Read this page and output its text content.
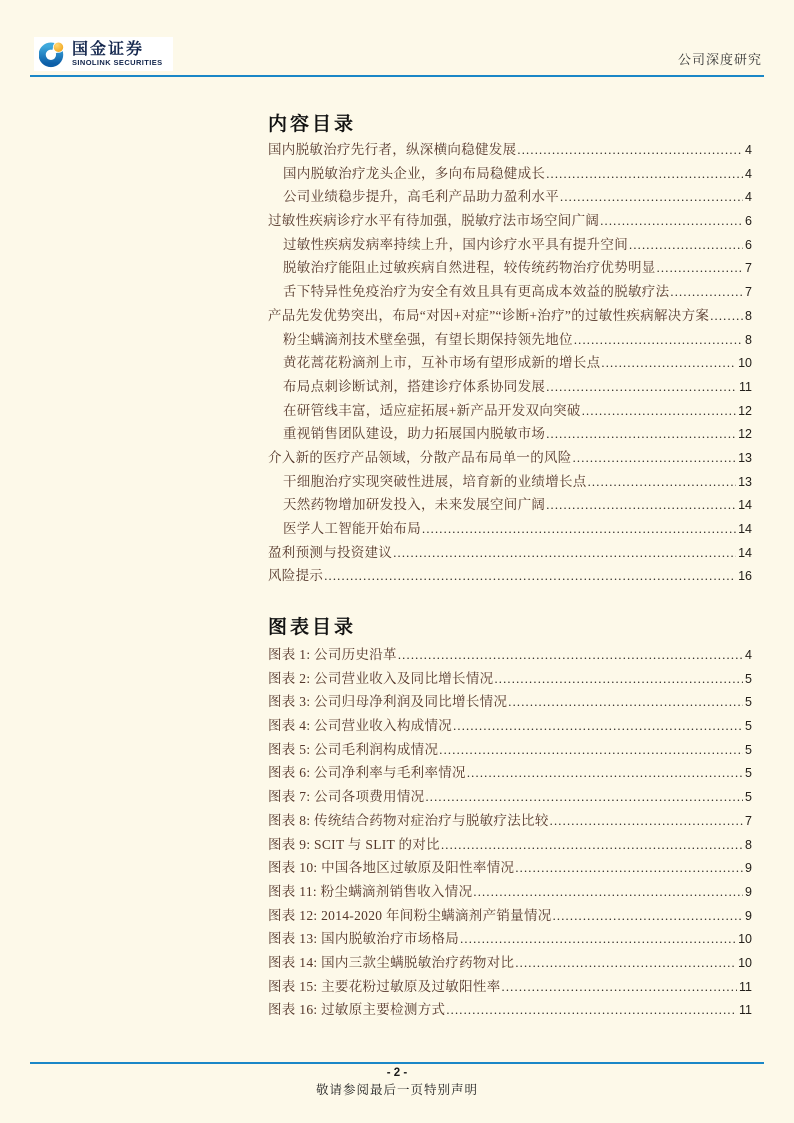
国金证券
SINOLINK SECURITIES	公司深度研究
内容目录
国内脱敏治疗先行者，纵深横向稳健发展 .....	4
国内脱敏治疗龙头企业，多向布局稳健成长 .....	4
公司业绩稳步提升，高毛利产品助力盈利水平 .....	4
过敏性疾病诊疗水平有待加强，脱敏疗法市场空间广阔 .....	6
过敏性疾病发病率持续上升，国内诊疗水平具有提升空间 .....	6
脱敏治疗能阻止过敏疾病自然进程，较传统药物治疗优势明显 .....	7
舌下特异性免疫治疗为安全有效且具有更高成本效益的脱敏疗法 .....	7
产品先发优势突出，布局“对因+对症”“诊断+治疗”的过敏性疾病解决方案 .....	8
粉尘螨滴剂技术壁垒强，有望长期保持领先地位 .....	8
黄花蒿花粉滴剂上市，互补市场有望形成新的增长点 .....	10
布局点刺诊断试剂，搭建诊疗体系协同发展 .....	11
在研管线丰富，适应症拓展+新产品开发双向突破 .....	12
重视销售团队建设，助力拓展国内脱敏市场 .....	12
介入新的医疗产品领域，分散产品布局单一的风险 .....	13
干细胞治疗实现突破性进展，培育新的业绩增长点 .....	13
天然药物增加研发投入，未来发展空间广阔 .....	14
医学人工智能开始布局 .....	14
盈利预测与投资建议 .....	14
风险提示 .....	16
图表目录
图表 1: 公司历史沿革 .....	4
图表 2: 公司营业收入及同比增长情况 .....	5
图表 3: 公司归母净利润及同比增长情况 .....	5
图表 4: 公司营业收入构成情况 .....	5
图表 5: 公司毛利润构成情况 .....	5
图表 6: 公司净利率与毛利率情况 .....	5
图表 7: 公司各项费用情况 .....	5
图表 8: 传统结合药物对症治疗与脱敏疗法比较 .....	7
图表 9: SCIT 与 SLIT 的对比 .....	8
图表 10: 中国各地区过敏原及阳性率情况 .....	9
图表 11: 粉尘螨滴剂销售收入情况 .....	9
图表 12: 2014-2020 年间粉尘螨滴剂产销量情况 .....	9
图表 13: 国内脱敏治疗市场格局 .....	10
图表 14: 国内三款尘螨脱敏治疗药物对比 .....	10
图表 15: 主要花粉过敏原及过敏阳性率 .....	11
图表 16: 过敏原主要检测方式 .....	11
- 2 -
敬请参阅最后一页特别声明
